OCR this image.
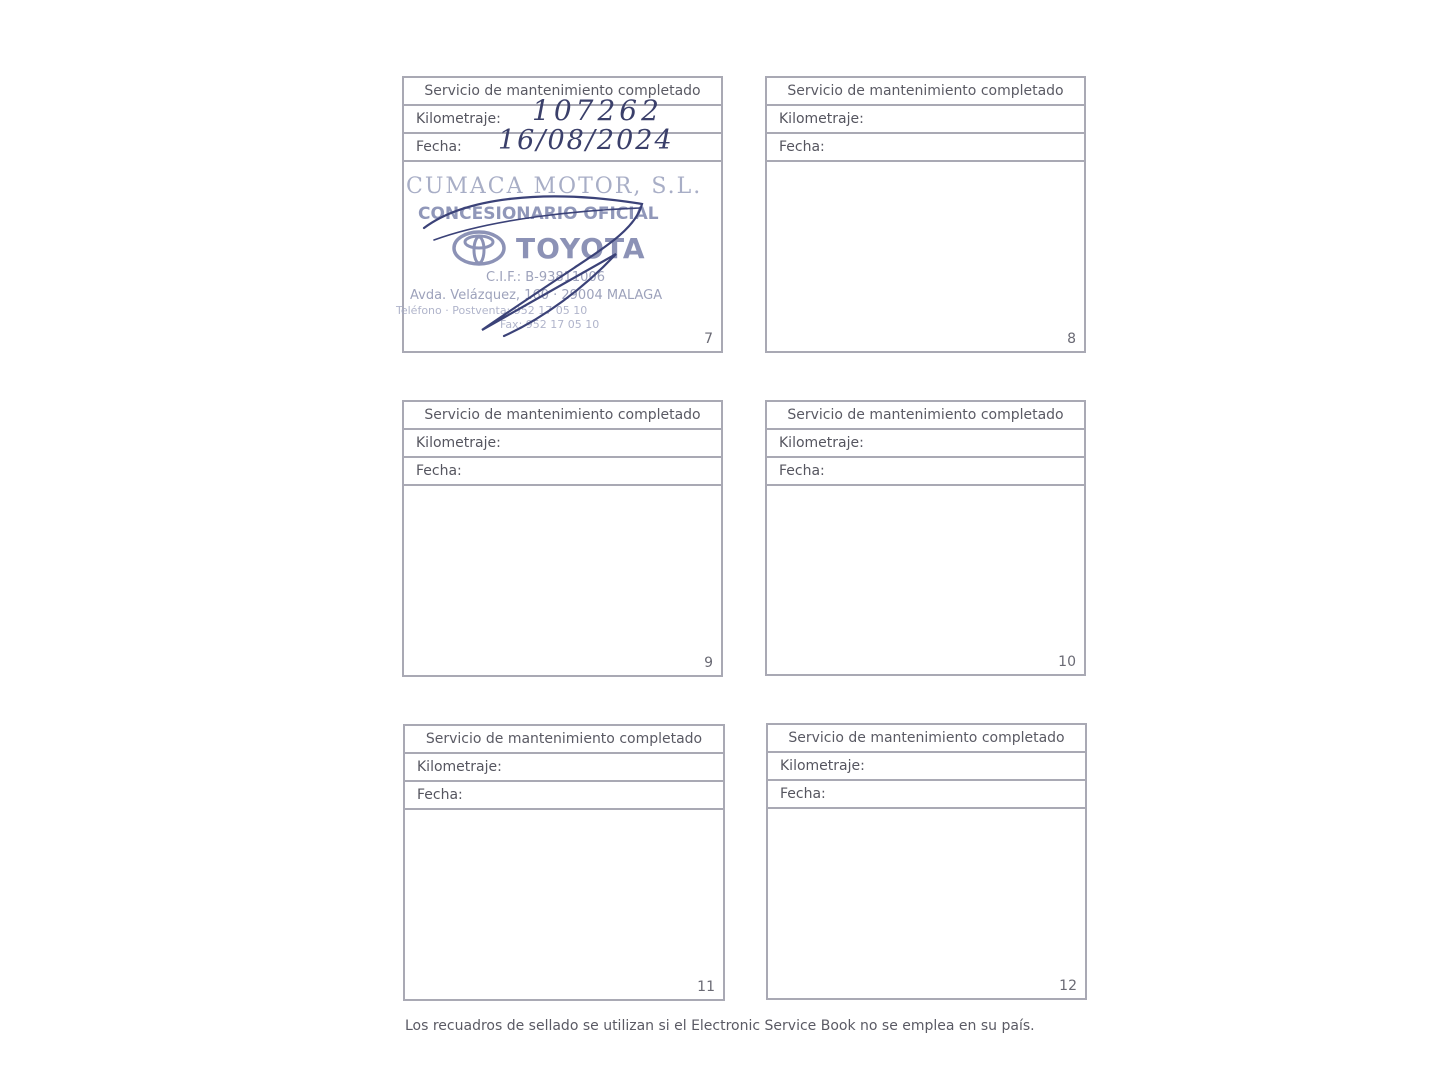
Servicio de mantenimiento completado
Kilometraje: 107262
Fecha: 16/08/2024
CUMACA MOTOR, S.L.
CONCESIONARIO OFICIAL
TOYOTA
C.I.F.: B-93811006
Avda. Velázquez, 160 · 29004 MALAGA
Teléfono · Postventa: 952 17 05 10
Fax: 952 17 05 10
7
Servicio de mantenimiento completado
Kilometraje:
Fecha:
8
Servicio de mantenimiento completado
Kilometraje:
Fecha:
9
Servicio de mantenimiento completado
Kilometraje:
Fecha:
10
Servicio de mantenimiento completado
Kilometraje:
Fecha:
11
Servicio de mantenimiento completado
Kilometraje:
Fecha:
12
Los recuadros de sellado se utilizan si el Electronic Service Book no se emplea en su país.
